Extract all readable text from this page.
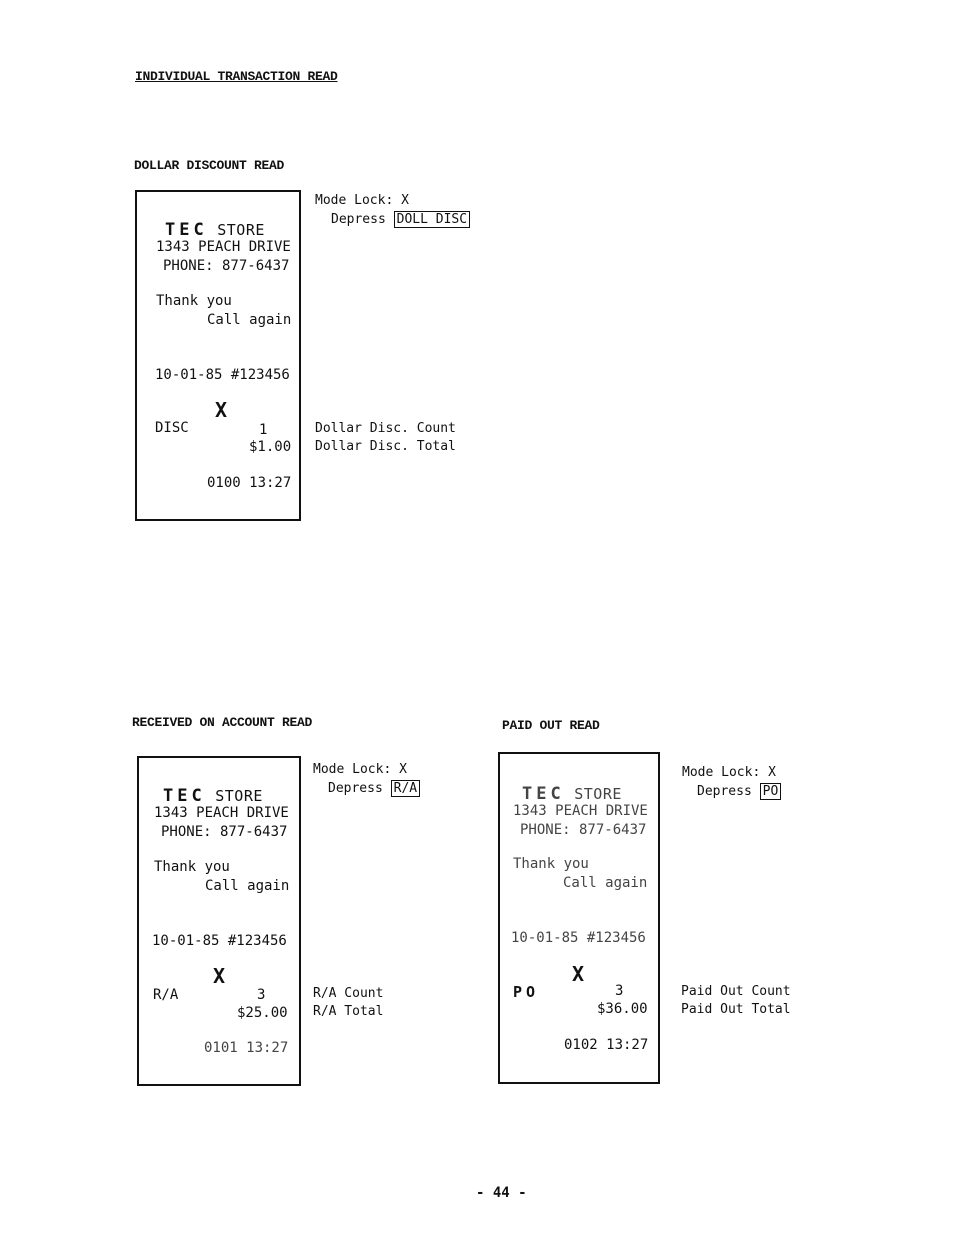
INDIVIDUAL TRANSACTION READ
DOLLAR DISCOUNT READ
TEC STORE
1343 PEACH DRIVE
PHONE: 877-6437
Thank you
Call again
10-01-85 #123456
X
DISC	1
$1.00
0100 13:27
Mode Lock: X
Depress DOLL DISC
Dollar Disc. Count
Dollar Disc. Total
RECEIVED ON ACCOUNT READ
TEC STORE
1343 PEACH DRIVE
PHONE: 877-6437
Thank you
Call again
10-01-85 #123456
X
R/A	3
$25.00
0101 13:27
Mode Lock: X
Depress R/A
R/A Count
R/A Total
PAID OUT READ
TEC STORE
1343 PEACH DRIVE
PHONE: 877-6437
Thank you
Call again
10-01-85 #123456
X
PO	3
$36.00
0102 13:27
Mode Lock: X
Depress PO
Paid Out Count
Paid Out Total
- 44 -
